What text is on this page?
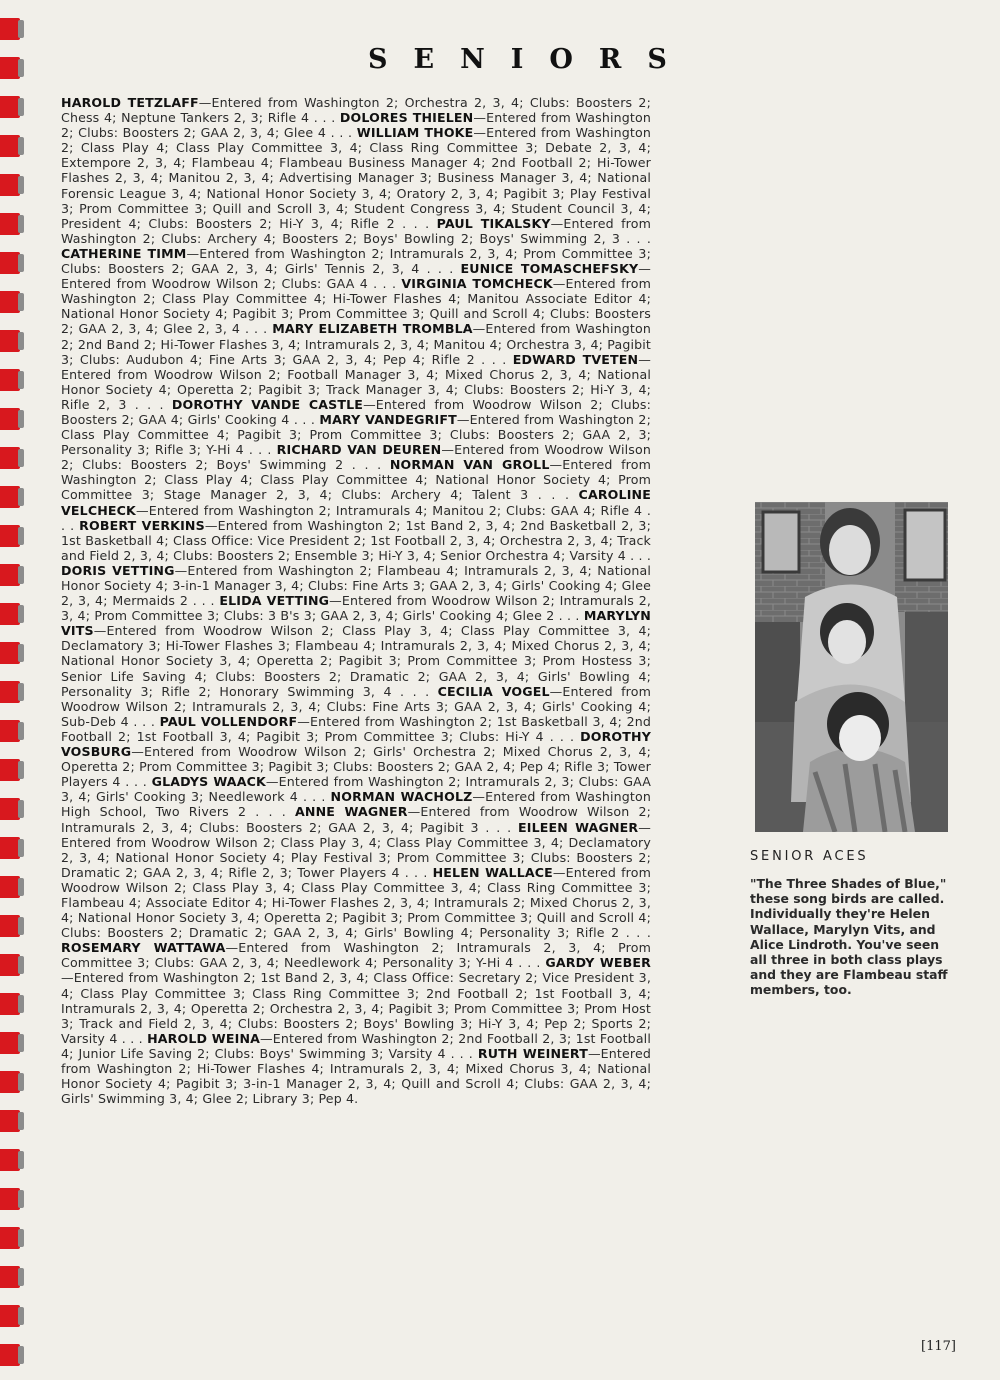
SENIORS

HAROLD TETZLAFF—Entered from Washington 2; Orchestra 2, 3, 4; Clubs: Boosters 2; Chess 4; Neptune Tankers 2, 3; Rifle 4 . . . DOLORES THIELEN—Entered from Washington 2; Clubs: Boosters 2; GAA 2, 3, 4; Glee 4 . . . WILLIAM THOKE—Entered from Washington 2; Class Play 4; Class Play Committee 3, 4; Class Ring Committee 3; Debate 2, 3, 4; Extempore 2, 3, 4; Flambeau 4; Flambeau Business Manager 4; 2nd Football 2; Hi-Tower Flashes 2, 3, 4; Manitou 2, 3, 4; Advertising Manager 3; Business Manager 3, 4; National Forensic League 3, 4; National Honor Society 3, 4; Oratory 2, 3, 4; Pagibit 3; Play Festival 3; Prom Committee 3; Quill and Scroll 3, 4; Student Congress 3, 4; Student Council 3, 4; President 4; Clubs: Boosters 2; Hi-Y 3, 4; Rifle 2 . . . PAUL TIKALSKY—Entered from Washington 2; Clubs: Archery 4; Boosters 2; Boys' Bowling 2; Boys' Swimming 2, 3 . . . CATHERINE TIMM—Entered from Washington 2; Intramurals 2, 3, 4; Prom Committee 3; Clubs: Boosters 2; GAA 2, 3, 4; Girls' Tennis 2, 3, 4 . . . EUNICE TOMASCHEFSKY—Entered from Woodrow Wilson 2; Clubs: GAA 4 . . . VIRGINIA TOMCHECK—Entered from Washington 2; Class Play Committee 4; Hi-Tower Flashes 4; Manitou Associate Editor 4; National Honor Society 4; Pagibit 3; Prom Committee 3; Quill and Scroll 4; Clubs: Boosters 2; GAA 2, 3, 4; Glee 2, 3, 4 . . . MARY ELIZABETH TROMBLA—Entered from Washington 2; 2nd Band 2; Hi-Tower Flashes 3, 4; Intramurals 2, 3, 4; Manitou 4; Orchestra 3, 4; Pagibit 3; Clubs: Audubon 4; Fine Arts 3; GAA 2, 3, 4; Pep 4; Rifle 2 . . . EDWARD TVETEN—Entered from Woodrow Wilson 2; Football Manager 3, 4; Mixed Chorus 2, 3, 4; National Honor Society 4; Operetta 2; Pagibit 3; Track Manager 3, 4; Clubs: Boosters 2; Hi-Y 3, 4; Rifle 2, 3 . . . DOROTHY VANDE CASTLE—Entered from Woodrow Wilson 2; Clubs: Boosters 2; GAA 4; Girls' Cooking 4 . . . MARY VANDEGRIFT—Entered from Washington 2; Class Play Committee 4; Pagibit 3; Prom Committee 3; Clubs: Boosters 2; GAA 2, 3; Personality 3; Rifle 3; Y-Hi 4 . . . RICHARD VAN DEUREN—Entered from Woodrow Wilson 2; Clubs: Boosters 2; Boys' Swimming 2 . . . NORMAN VAN GROLL—Entered from Washington 2; Class Play 4; Class Play Committee 4; National Honor Society 4; Prom Committee 3; Stage Manager 2, 3, 4; Clubs: Archery 4; Talent 3 . . . CAROLINE VELCHECK—Entered from Washington 2; Intramurals 4; Manitou 2; Clubs: GAA 4; Rifle 4 . . . ROBERT VERKINS—Entered from Washington 2; 1st Band 2, 3, 4; 2nd Basketball 2, 3; 1st Basketball 4; Class Office: Vice President 2; 1st Football 2, 3, 4; Orchestra 2, 3, 4; Track and Field 2, 3, 4; Clubs: Boosters 2; Ensemble 3; Hi-Y 3, 4; Senior Orchestra 4; Varsity 4 . . . DORIS VETTING—Entered from Washington 2; Flambeau 4; Intramurals 2, 3, 4; National Honor Society 4; 3-in-1 Manager 3, 4; Clubs: Fine Arts 3; GAA 2, 3, 4; Girls' Cooking 4; Glee 2, 3, 4; Mermaids 2 . . . ELIDA VETTING—Entered from Woodrow Wilson 2; Intramurals 2, 3, 4; Prom Committee 3; Clubs: 3 B's 3; GAA 2, 3, 4; Girls' Cooking 4; Glee 2 . . . MARYLYN VITS—Entered from Woodrow Wilson 2; Class Play 3, 4; Class Play Committee 3, 4; Declamatory 3; Hi-Tower Flashes 3; Flambeau 4; Intramurals 2, 3, 4; Mixed Chorus 2, 3, 4; National Honor Society 3, 4; Operetta 2; Pagibit 3; Prom Committee 3; Prom Hostess 3; Senior Life Saving 4; Clubs: Boosters 2; Dramatic 2; GAA 2, 3, 4; Girls' Bowling 4; Personality 3; Rifle 2; Honorary Swimming 3, 4 . . . CECILIA VOGEL—Entered from Woodrow Wilson 2; Intramurals 2, 3, 4; Clubs: Fine Arts 3; GAA 2, 3, 4; Girls' Cooking 4; Sub-Deb 4 . . . PAUL VOLLENDORF—Entered from Washington 2; 1st Basketball 3, 4; 2nd Football 2; 1st Football 3, 4; Pagibit 3; Prom Committee 3; Clubs: Hi-Y 4 . . . DOROTHY VOSBURG—Entered from Woodrow Wilson 2; Girls' Orchestra 2; Mixed Chorus 2, 3, 4; Operetta 2; Prom Committee 3; Pagibit 3; Clubs: Boosters 2; GAA 2, 4; Pep 4; Rifle 3; Tower Players 4 . . . GLADYS WAACK—Entered from Washington 2; Intramurals 2, 3; Clubs: GAA 3, 4; Girls' Cooking 3; Needlework 4 . . . NORMAN WACHOLZ—Entered from Washington High School, Two Rivers 2 . . . ANNE WAGNER—Entered from Woodrow Wilson 2; Intramurals 2, 3, 4; Clubs: Boosters 2; GAA 2, 3, 4; Pagibit 3 . . . EILEEN WAGNER—Entered from Woodrow Wilson 2; Class Play 3, 4; Class Play Committee 3, 4; Declamatory 2, 3, 4; National Honor Society 4; Play Festival 3; Prom Committee 3; Clubs: Boosters 2; Dramatic 2; GAA 2, 3, 4; Rifle 2, 3; Tower Players 4 . . . HELEN WALLACE—Entered from Woodrow Wilson 2; Class Play 3, 4; Class Play Committee 3, 4; Class Ring Committee 3; Flambeau 4; Associate Editor 4; Hi-Tower Flashes 2, 3, 4; Intramurals 2; Mixed Chorus 2, 3, 4; National Honor Society 3, 4; Operetta 2; Pagibit 3; Prom Committee 3; Quill and Scroll 4; Clubs: Boosters 2; Dramatic 2; GAA 2, 3, 4; Girls' Bowling 4; Personality 3; Rifle 2 . . . ROSEMARY WATTAWA—Entered from Washington 2; Intramurals 2, 3, 4; Prom Committee 3; Clubs: GAA 2, 3, 4; Needlework 4; Personality 3; Y-Hi 4 . . . GARDY WEBER—Entered from Washington 2; 1st Band 2, 3, 4; Class Office: Secretary 2; Vice President 3, 4; Class Play Committee 3; Class Ring Committee 3; 2nd Football 2; 1st Football 3, 4; Intramurals 2, 3, 4; Operetta 2; Orchestra 2, 3, 4; Pagibit 3; Prom Committee 3; Prom Host 3; Track and Field 2, 3, 4; Clubs: Boosters 2; Boys' Bowling 3; Hi-Y 3, 4; Pep 2; Sports 2; Varsity 4 . . . HAROLD WEINA—Entered from Washington 2; 2nd Football 2, 3; 1st Football 4; Junior Life Saving 2; Clubs: Boys' Swimming 3; Varsity 4 . . . RUTH WEINERT—Entered from Washington 2; Hi-Tower Flashes 4; Intramurals 2, 3, 4; Mixed Chorus 3, 4; National Honor Society 4; Pagibit 3; 3-in-1 Manager 2, 3, 4; Quill and Scroll 4; Clubs: GAA 2, 3, 4; Girls' Swimming 3, 4; Glee 2; Library 3; Pep 4.

SENIOR ACES

"The Three Shades of Blue," these song birds are called. Individually they're Helen Wallace, Marylyn Vits, and Alice Lindroth. You've seen all three in both class plays and they are Flambeau staff members, too.

[117]
